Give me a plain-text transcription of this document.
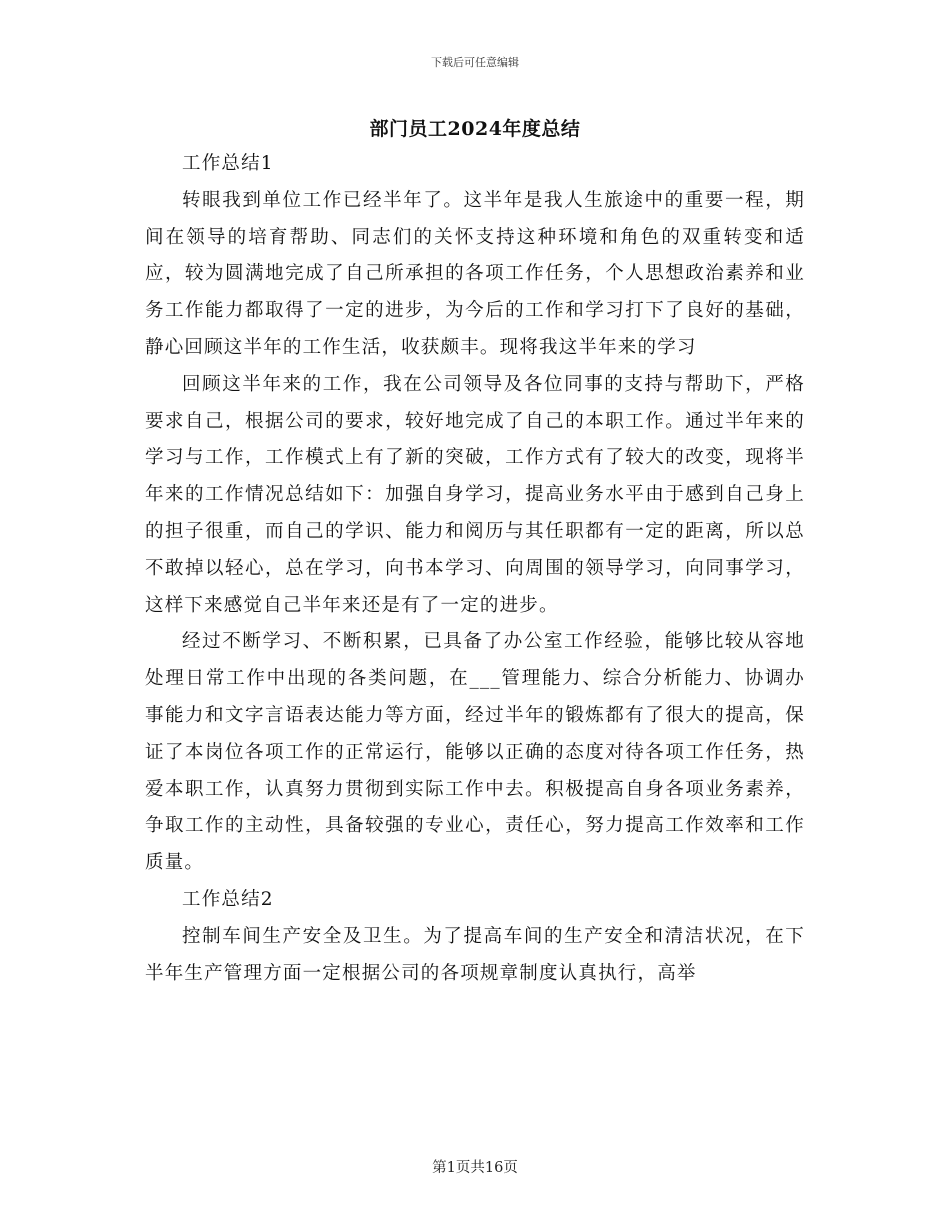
下载后可任意编辑
部门员工2024年度总结

工作总结1

转眼我到单位工作已经半年了。这半年是我人生旅途中的重要一程，期间在领导的培育帮助、同志们的关怀支持这种环境和角色的双重转变和适应，较为圆满地完成了自己所承担的各项工作任务，个人思想政治素养和业务工作能力都取得了一定的进步，为今后的工作和学习打下了良好的基础，静心回顾这半年的工作生活，收获颇丰。现将我这半年来的学习

回顾这半年来的工作，我在公司领导及各位同事的支持与帮助下，严格要求自己，根据公司的要求，较好地完成了自己的本职工作。通过半年来的学习与工作，工作模式上有了新的突破，工作方式有了较大的改变，现将半年来的工作情况总结如下：加强自身学习，提高业务水平由于感到自己身上的担子很重，而自己的学识、能力和阅历与其任职都有一定的距离，所以总不敢掉以轻心，总在学习，向书本学习、向周围的领导学习，向同事学习，这样下来感觉自己半年来还是有了一定的进步。

经过不断学习、不断积累，已具备了办公室工作经验，能够比较从容地处理日常工作中出现的各类问题，在___管理能力、综合分析能力、协调办事能力和文字言语表达能力等方面，经过半年的锻炼都有了很大的提高，保证了本岗位各项工作的正常运行，能够以正确的态度对待各项工作任务，热爱本职工作，认真努力贯彻到实际工作中去。积极提高自身各项业务素养，争取工作的主动性，具备较强的专业心，责任心，努力提高工作效率和工作质量。

工作总结2

控制车间生产安全及卫生。为了提高车间的生产安全和清洁状况，在下半年生产管理方面一定根据公司的各项规章制度认真执行，高举

第1页共16页
